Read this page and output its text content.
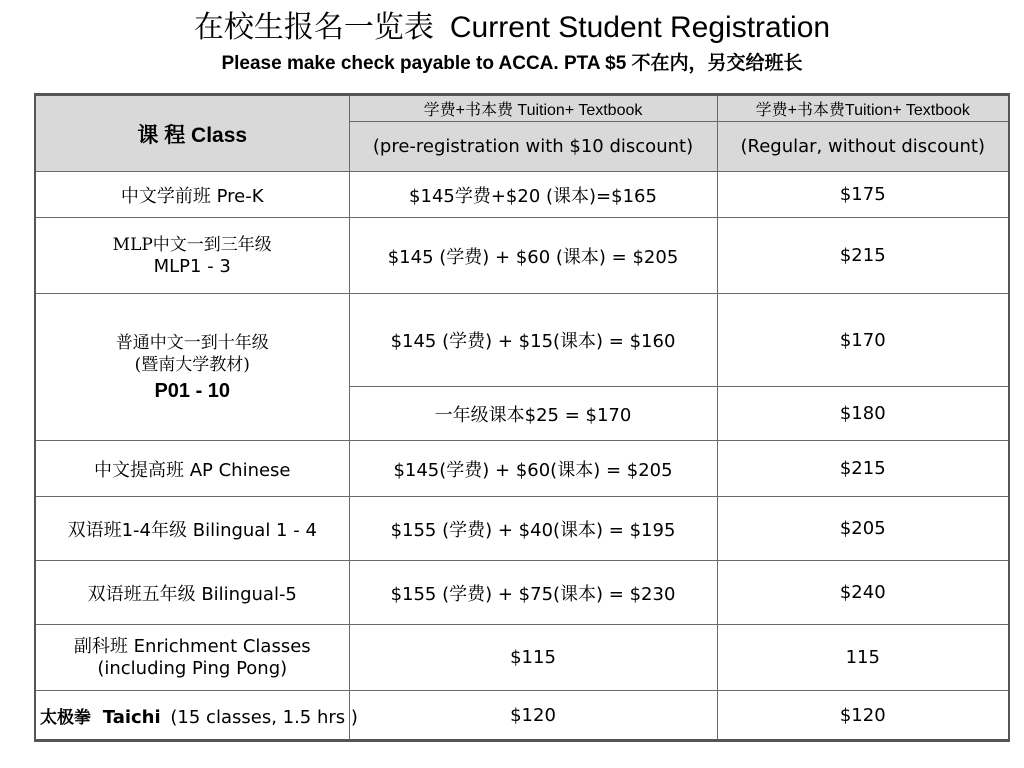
在校生报名一览表 Current Student Registration
Please make check payable to ACCA. PTA $5 不在内，另交给班长
课 程 Class	学费+书本费 Tuition+ Textbook	学费+书本费Tuition+ Textbook
	(pre-registration with $10 discount)	(Regular, without discount)
中文学前班 Pre-K	$145学费+$20 (课本)=$165	$175

MLP中文一到三年级
MLP1 - 3	$145 (学费) + $60 (课本) = $205	$215

普通中文一到十年级
(暨南大学教材)
P01 - 10	$145 (学费) + $15(课本) = $160	$170
	一年级课本$25 = $170	$180
中文提高班 AP Chinese	$145(学费) + $60(课本) = $205	$215
双语班1-4年级 Bilingual 1 - 4	$155 (学费) + $40(课本) = $195	$205
双语班五年级 Bilingual-5	$155 (学费) + $75(课本) = $230	$240

副科班 Enrichment Classes
(including Ping Pong)	$115	115
太极拳 Taichi (15 classes, 1.5 hrs )	$120	$120
